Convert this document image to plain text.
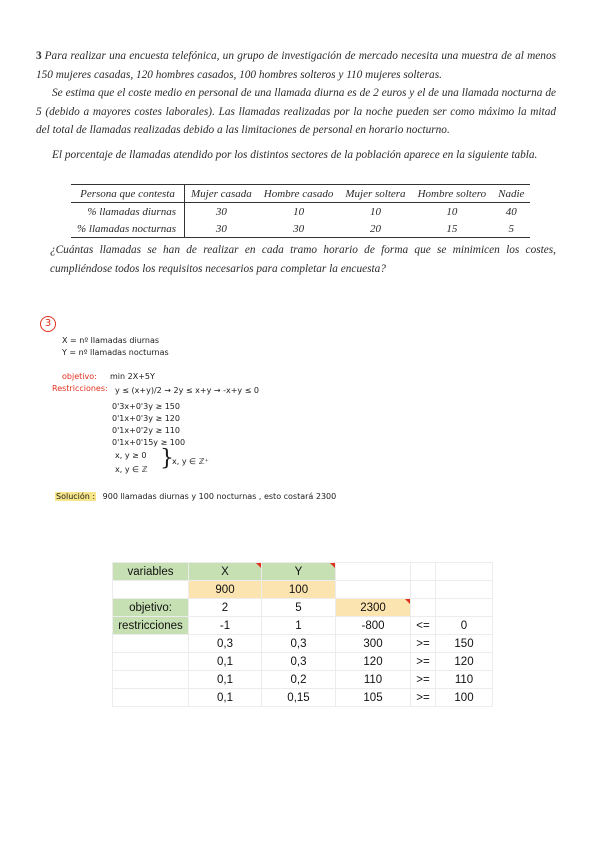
3 Para realizar una encuesta telefónica, un grupo de investigación de mercado necesita una muestra de al menos 150 mujeres casadas, 120 hombres casados, 100 hombres solteros y 110 mujeres solteras.

Se estima que el coste medio en personal de una llamada diurna es de 2 euros y el de una llamada nocturna de 5 (debido a mayores costes laborales). Las llamadas realizadas por la noche pueden ser como máximo la mitad del total de llamadas realizadas debido a las limitaciones de personal en horario nocturno.

El porcentaje de llamadas atendido por los distintos sectores de la población aparece en la siguiente tabla.

Persona que contesta	Mujer casada	Hombre casado	Mujer soltera	Hombre soltero	Nadie
% llamadas diurnas	30	10	10	10	40
% llamadas nocturnas	30	30	20	15	5

¿Cuántas llamadas se han de realizar en cada tramo horario de forma que se minimicen los costes, cumpliéndose todos los requisitos necesarios para completar la encuesta?

3
X = nº llamadas diurnas
Y = nº llamadas nocturnas
objetivo: min 2X+5Y
Restricciones: y ≤ (x+y)/2 → 2y ≤ x+y → -x+y ≤ 0
0'3x+0'3y ≥ 150
0'1x+0'3y ≥ 120
0'1x+0'2y ≥ 110
0'1x+0'15y ≥ 100
x, y ≥ 0
x, y ∈ ℤ }
x, y ∈ ℤ⁺
Solución : 900 llamadas diurnas y 100 nocturnas , esto costará 2300
variables	X	Y			
	900	100			
objetivo:	2	5	2300		
restricciones	-1	1	-800	<=	0
	0,3	0,3	300	>=	150
	0,1	0,3	120	>=	120
	0,1	0,2	110	>=	110
	0,1	0,15	105	>=	100
